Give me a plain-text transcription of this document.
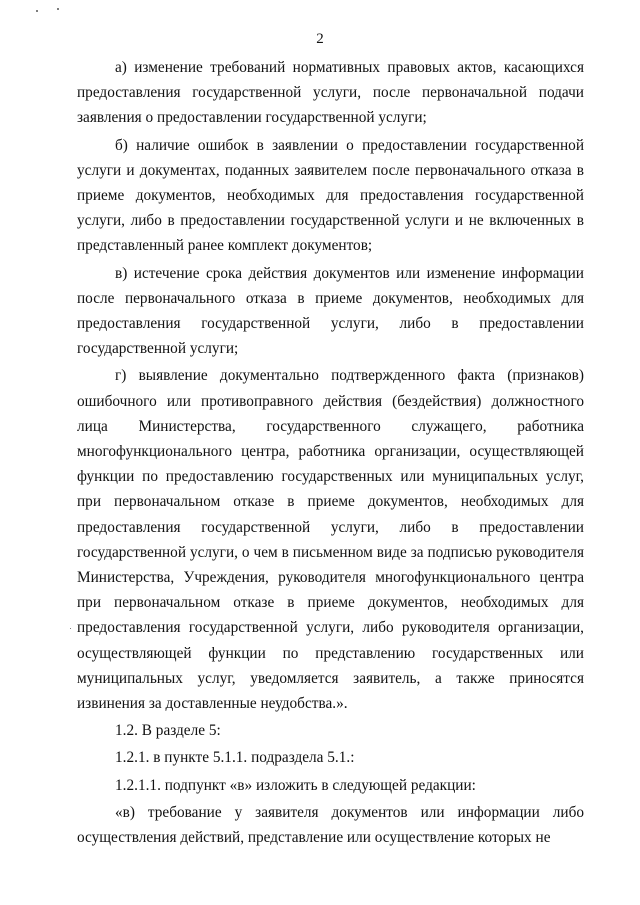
2

а) изменение требований нормативных правовых актов, касающихся предоставления государственной услуги, после первоначальной подачи заявления о предоставлении государственной услуги;

б) наличие ошибок в заявлении о предоставлении государственной услуги и документах, поданных заявителем после первоначального отказа в приеме документов, необходимых для предоставления государственной услуги, либо в предоставлении государственной услуги и не включенных в представленный ранее комплект документов;

в) истечение срока действия документов или изменение информации после первоначального отказа в приеме документов, необходимых для предоставления государственной услуги, либо в предоставлении государственной услуги;

г) выявление документально подтвержденного факта (признаков) ошибочного или противоправного действия (бездействия) должностного лица Министерства, государственного служащего, работника многофункционального центра, работника организации, осуществляющей функции по предоставлению государственных или муниципальных услуг, при первоначальном отказе в приеме документов, необходимых для предоставления государственной услуги, либо в предоставлении государственной услуги, о чем в письменном виде за подписью руководителя Министерства, Учреждения, руководителя многофункционального центра при первоначальном отказе в приеме документов, необходимых для предоставления государственной услуги, либо руководителя организации, осуществляющей функции по представлению государственных или муниципальных услуг, уведомляется заявитель, а также приносятся извинения за доставленные неудобства.».

1.2. В разделе 5:

1.2.1. в пункте 5.1.1. подраздела 5.1.:

1.2.1.1. подпункт «в» изложить в следующей редакции:

«в) требование у заявителя документов или информации либо осуществления действий, представление или осуществление которых не
